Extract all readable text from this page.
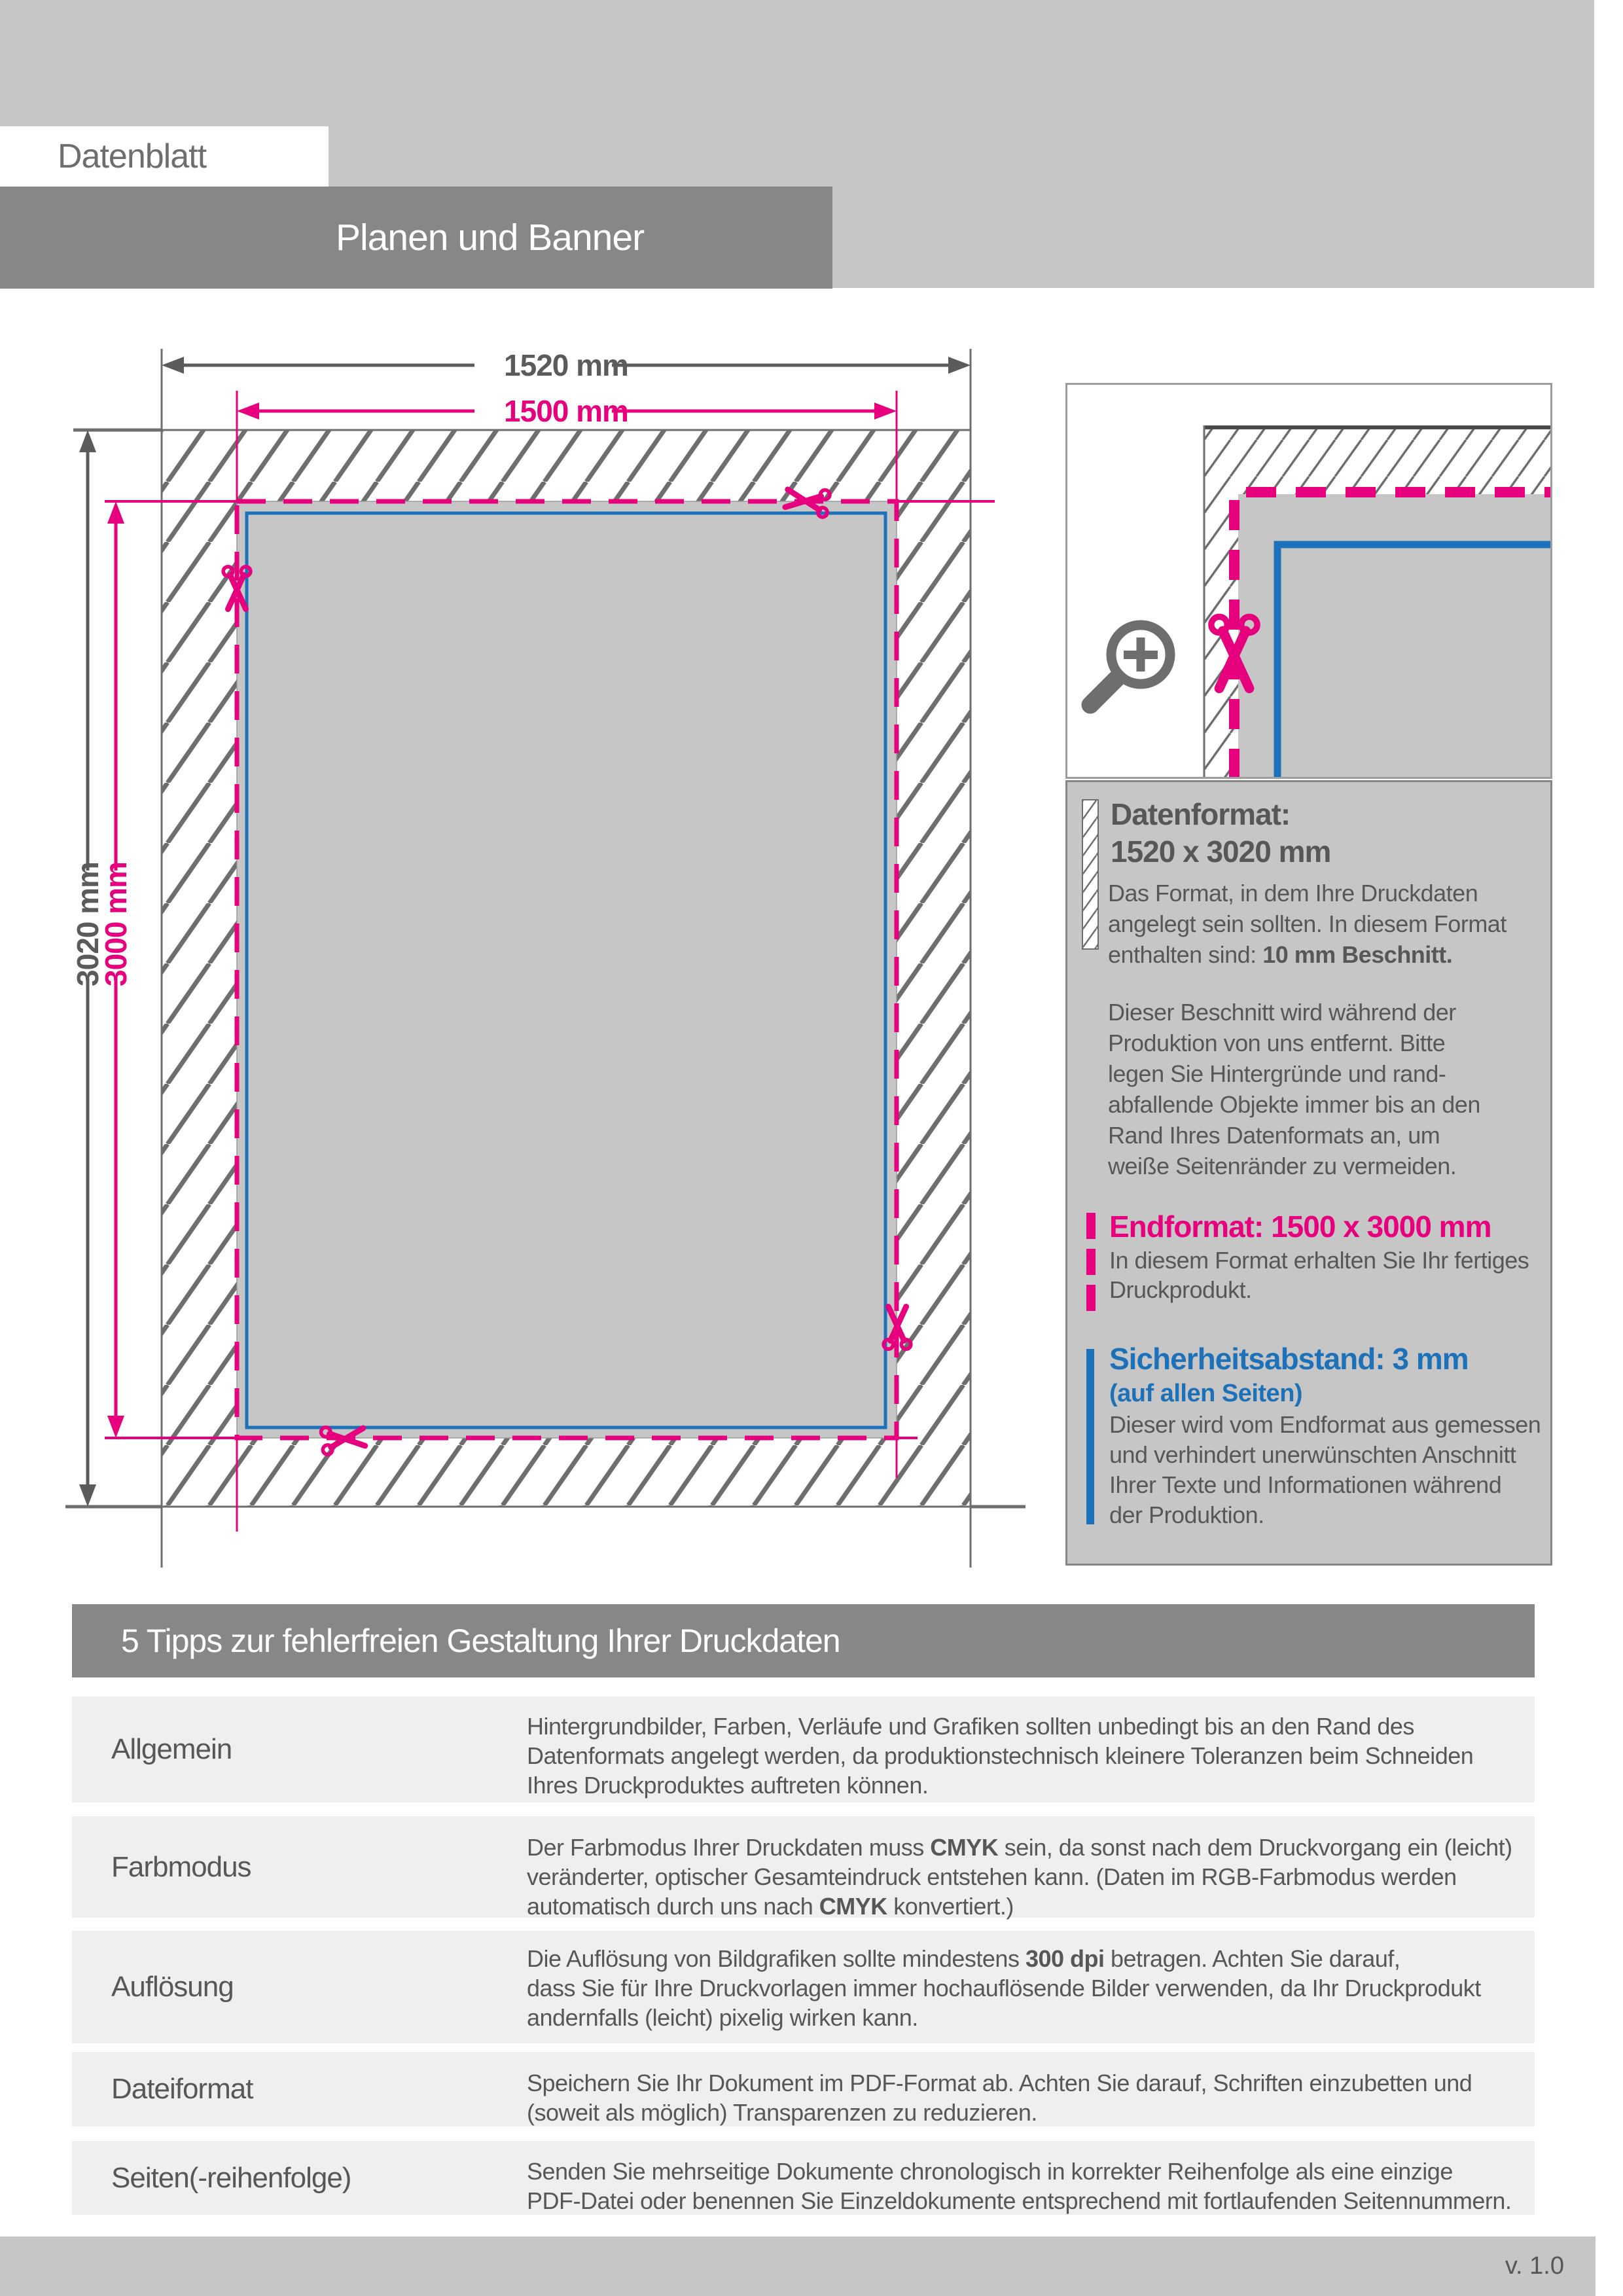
Datenblatt
Planen und Banner
1520 mm
1500 mm
3020 mm
3000 mm
Datenformat:
1520 x 3020 mm
Das Format, in dem Ihre Druckdaten
angelegt sein sollten. In diesem Format
enthalten sind: 10 mm Beschnitt.
Dieser Beschnitt wird während der
Produktion von uns entfernt. Bitte
legen Sie Hintergründe und rand-
abfallende Objekte immer bis an den
Rand Ihres Datenformats an, um
weiße Seitenränder zu vermeiden.
Endformat: 1500 x 3000 mm
In diesem Format erhalten Sie Ihr fertiges
Druckprodukt.
Sicherheitsabstand: 3 mm
(auf allen Seiten)
Dieser wird vom Endformat aus gemessen
und verhindert unerwünschten Anschnitt
Ihrer Texte und Informationen während
der Produktion.
5 Tipps zur fehlerfreien Gestaltung Ihrer Druckdaten
Allgemein
Hintergrundbilder, Farben, Verläufe und Grafiken sollten unbedingt bis an den Rand des
Datenformats angelegt werden, da produktionstechnisch kleinere Toleranzen beim Schneiden
Ihres Druckproduktes auftreten können.
Farbmodus
Der Farbmodus Ihrer Druckdaten muss CMYK sein, da sonst nach dem Druckvorgang ein (leicht)
veränderter, optischer Gesamteindruck entstehen kann. (Daten im RGB-Farbmodus werden
automatisch durch uns nach CMYK konvertiert.)
Auflösung
Die Auflösung von Bildgrafiken sollte mindestens 300 dpi betragen. Achten Sie darauf,
dass Sie für Ihre Druckvorlagen immer hochauflösende Bilder verwenden, da Ihr Druckprodukt
andernfalls (leicht) pixelig wirken kann.
Dateiformat	Speichern Sie Ihr Dokument im PDF-Format ab. Achten Sie darauf, Schriften einzubetten und
(soweit als möglich) Transparenzen zu reduzieren.
Seiten(-reihenfolge)	Senden Sie mehrseitige Dokumente chronologisch in korrekter Reihenfolge als eine einzige
PDF-Datei oder benennen Sie Einzeldokumente entsprechend mit fortlaufenden Seitennummern.
v. 1.0
